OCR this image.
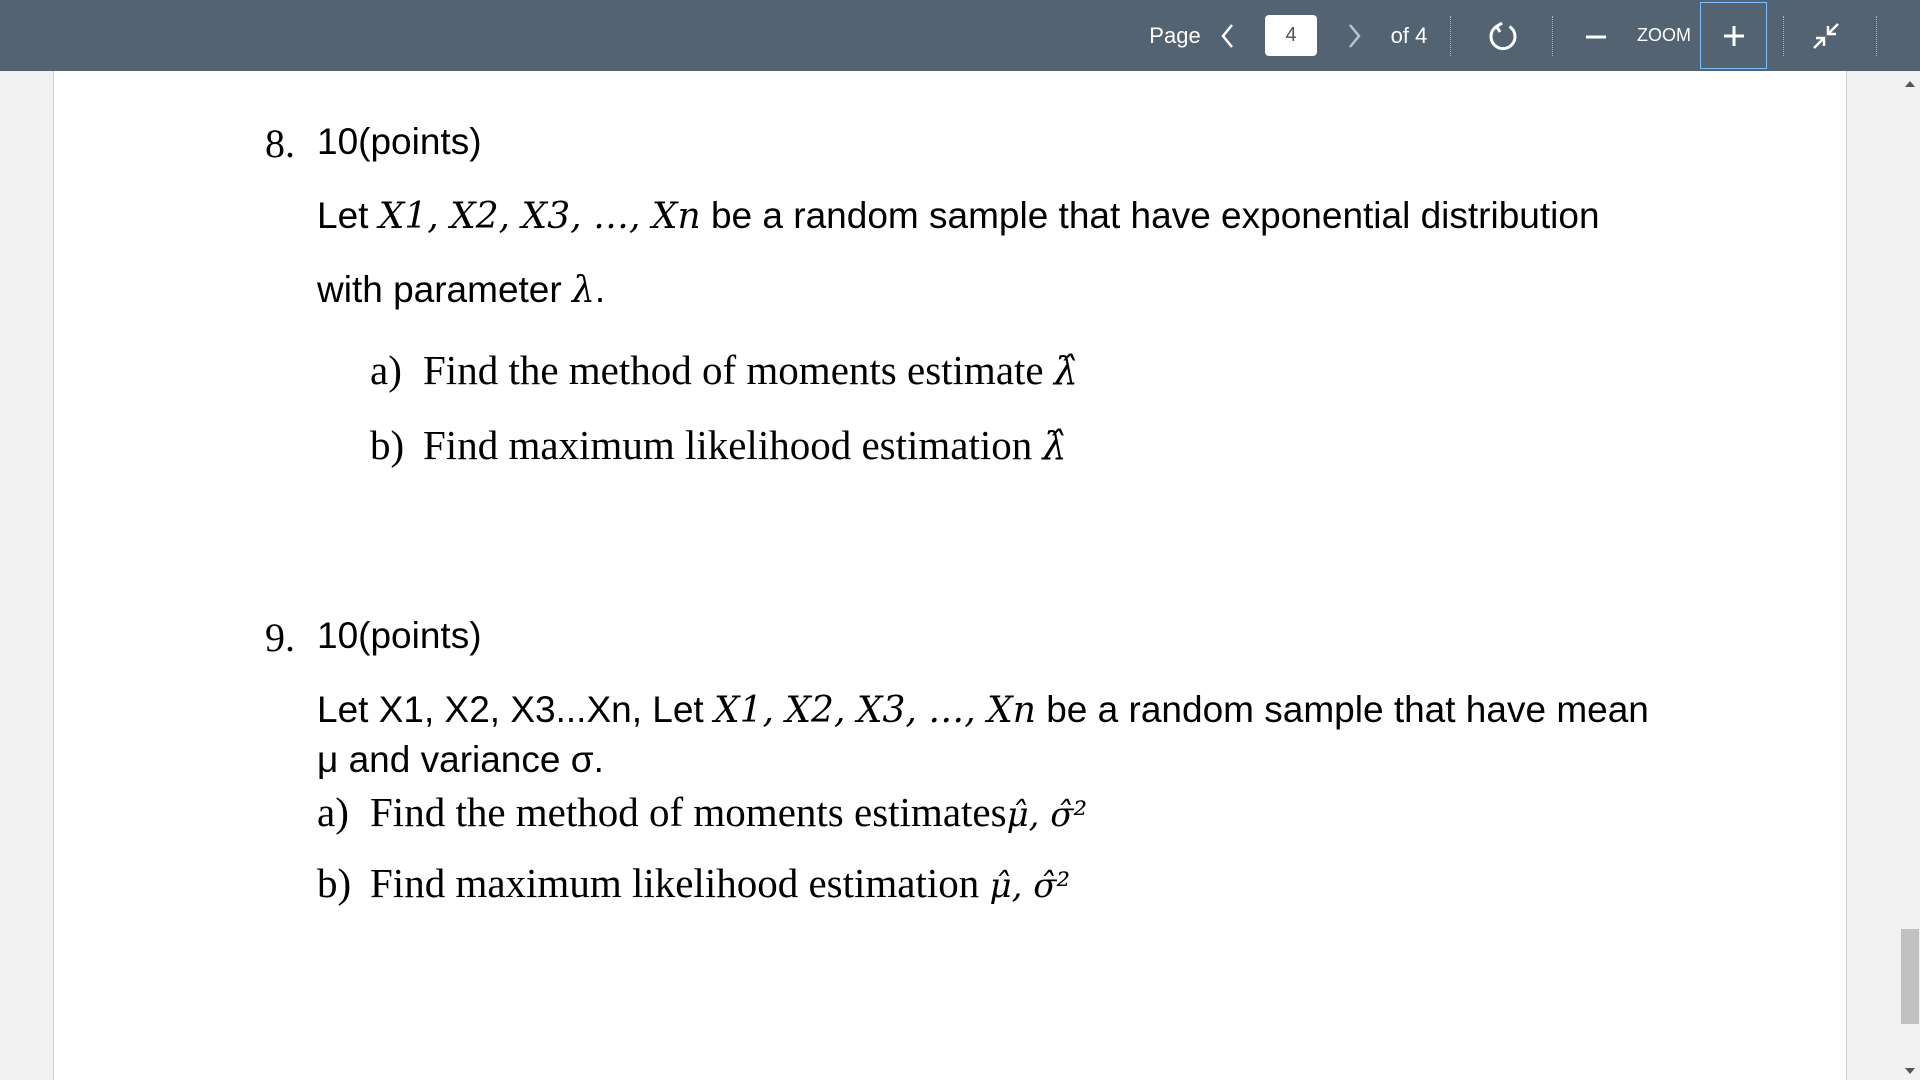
Page
4	of 4	ZOOM
8. 10(points)
Let X1, X2, X3, …, Xn be a random sample that have exponential distribution
with parameter λ.
a) Find the method of moments estimate λ̂
b) Find maximum likelihood estimation λ̂
9. 10(points)
Let X1, X2, X3...Xn, Let X1, X2, X3, …, Xn be a random sample that have mean
μ and variance σ.
a) Find the method of moments estimatesμ̂, σ̂²
b) Find maximum likelihood estimation μ̂, σ̂²
